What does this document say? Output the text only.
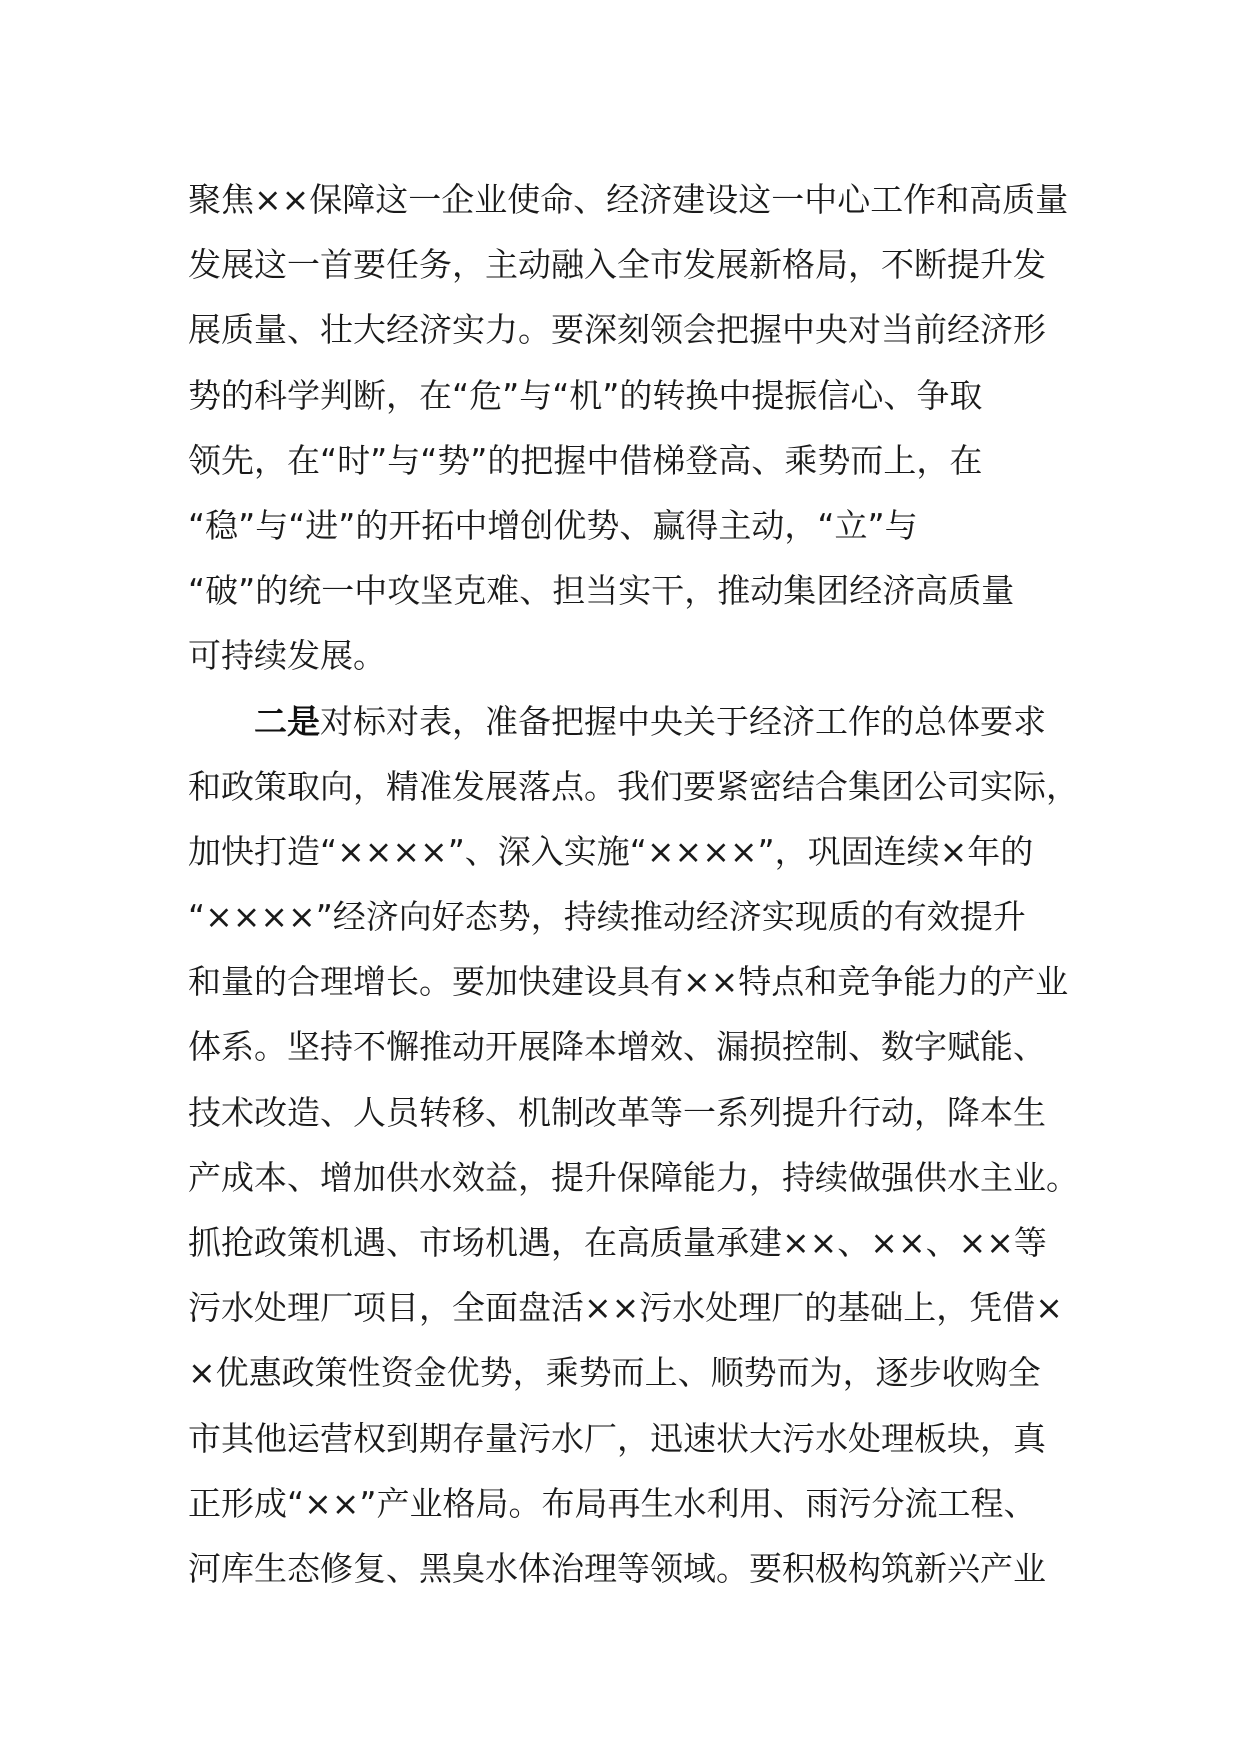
聚焦××保障这一企业使命、经济建设这一中心工作和高质量
发展这一首要任务，主动融入全市发展新格局，不断提升发
展质量、壮大经济实力。要深刻领会把握中央对当前经济形
势的科学判断，在“危”与“机”的转换中提振信心、争取
领先，在“时”与“势”的把握中借梯登高、乘势而上，在
“稳”与“进”的开拓中增创优势、赢得主动，“立”与
“破”的统一中攻坚克难、担当实干，推动集团经济高质量
可持续发展。
二是对标对表，准备把握中央关于经济工作的总体要求
和政策取向，精准发展落点。我们要紧密结合集团公司实际，
加快打造“××××”、深入实施“××××”，巩固连续×年的
“××××”经济向好态势，持续推动经济实现质的有效提升
和量的合理增长。要加快建设具有××特点和竞争能力的产业
体系。坚持不懈推动开展降本增效、漏损控制、数字赋能、
技术改造、人员转移、机制改革等一系列提升行动，降本生
产成本、增加供水效益，提升保障能力，持续做强供水主业。
抓抢政策机遇、市场机遇，在高质量承建××、××、××等
污水处理厂项目，全面盘活××污水处理厂的基础上，凭借×
×优惠政策性资金优势，乘势而上、顺势而为，逐步收购全
市其他运营权到期存量污水厂，迅速状大污水处理板块，真
正形成“××”产业格局。布局再生水利用、雨污分流工程、
河库生态修复、黑臭水体治理等领域。要积极构筑新兴产业
